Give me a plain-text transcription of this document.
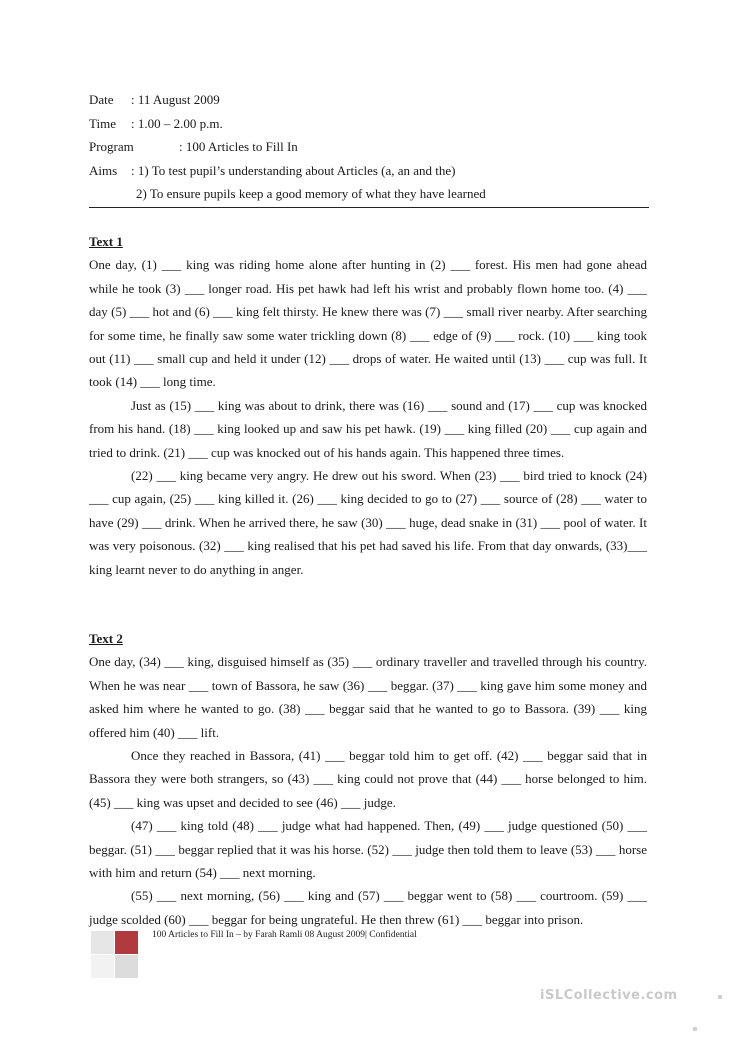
Date : 11 August 2009
Time : 1.00 – 2.00 p.m.
Program	: 100 Articles to Fill In
Aims : 1) To test pupil’s understanding about Articles (a, an and the)
2) To ensure pupils keep a good memory of what they have learned
Text 1

One day, (1) ___ king was riding home alone after hunting in (2) ___ forest. His men had gone ahead while he took (3) ___ longer road. His pet hawk had left his wrist and probably flown home too. (4) ___ day (5) ___ hot and (6) ___ king felt thirsty. He knew there was (7) ___ small river nearby. After searching for some time, he finally saw some water trickling down (8) ___ edge of (9) ___ rock. (10) ___ king took out (11) ___ small cup and held it under (12) ___ drops of water. He waited until (13) ___ cup was full. It took (14) ___ long time.

Just as (15) ___ king was about to drink, there was (16) ___ sound and (17) ___ cup was knocked from his hand. (18) ___ king looked up and saw his pet hawk. (19) ___ king filled (20) ___ cup again and tried to drink. (21) ___ cup was knocked out of his hands again. This happened three times.

(22) ___ king became very angry. He drew out his sword. When (23) ___ bird tried to knock (24) ___ cup again, (25) ___ king killed it. (26) ___ king decided to go to (27) ___ source of (28) ___ water to have (29) ___ drink. When he arrived there, he saw (30) ___ huge, dead snake in (31) ___ pool of water. It was very poisonous. (32) ___ king realised that his pet had saved his life. From that day onwards, (33)___ king learnt never to do anything in anger.

Text 2

One day, (34) ___ king, disguised himself as (35) ___ ordinary traveller and travelled through his country. When he was near ___ town of Bassora, he saw (36) ___ beggar. (37) ___ king gave him some money and asked him where he wanted to go. (38) ___ beggar said that he wanted to go to Bassora. (39) ___ king offered him (40) ___ lift.

Once they reached in Bassora, (41) ___ beggar told him to get off. (42) ___ beggar said that in Bassora they were both strangers, so (43) ___ king could not prove that (44) ___ horse belonged to him. (45) ___ king was upset and decided to see (46) ___ judge.

(47) ___ king told (48) ___ judge what had happened. Then, (49) ___ judge questioned (50) ___ beggar. (51) ___ beggar replied that it was his horse. (52) ___ judge then told them to leave (53) ___ horse with him and return (54) ___ next morning.

(55) ___ next morning, (56) ___ king and (57) ___ beggar went to (58) ___ courtroom. (59) ___ judge scolded (60) ___ beggar for being ungrateful. He then threw (61) ___ beggar into prison.

100 Articles to Fill In – by Farah Ramli 08 August 2009| Confidential
iSLCollective.com
